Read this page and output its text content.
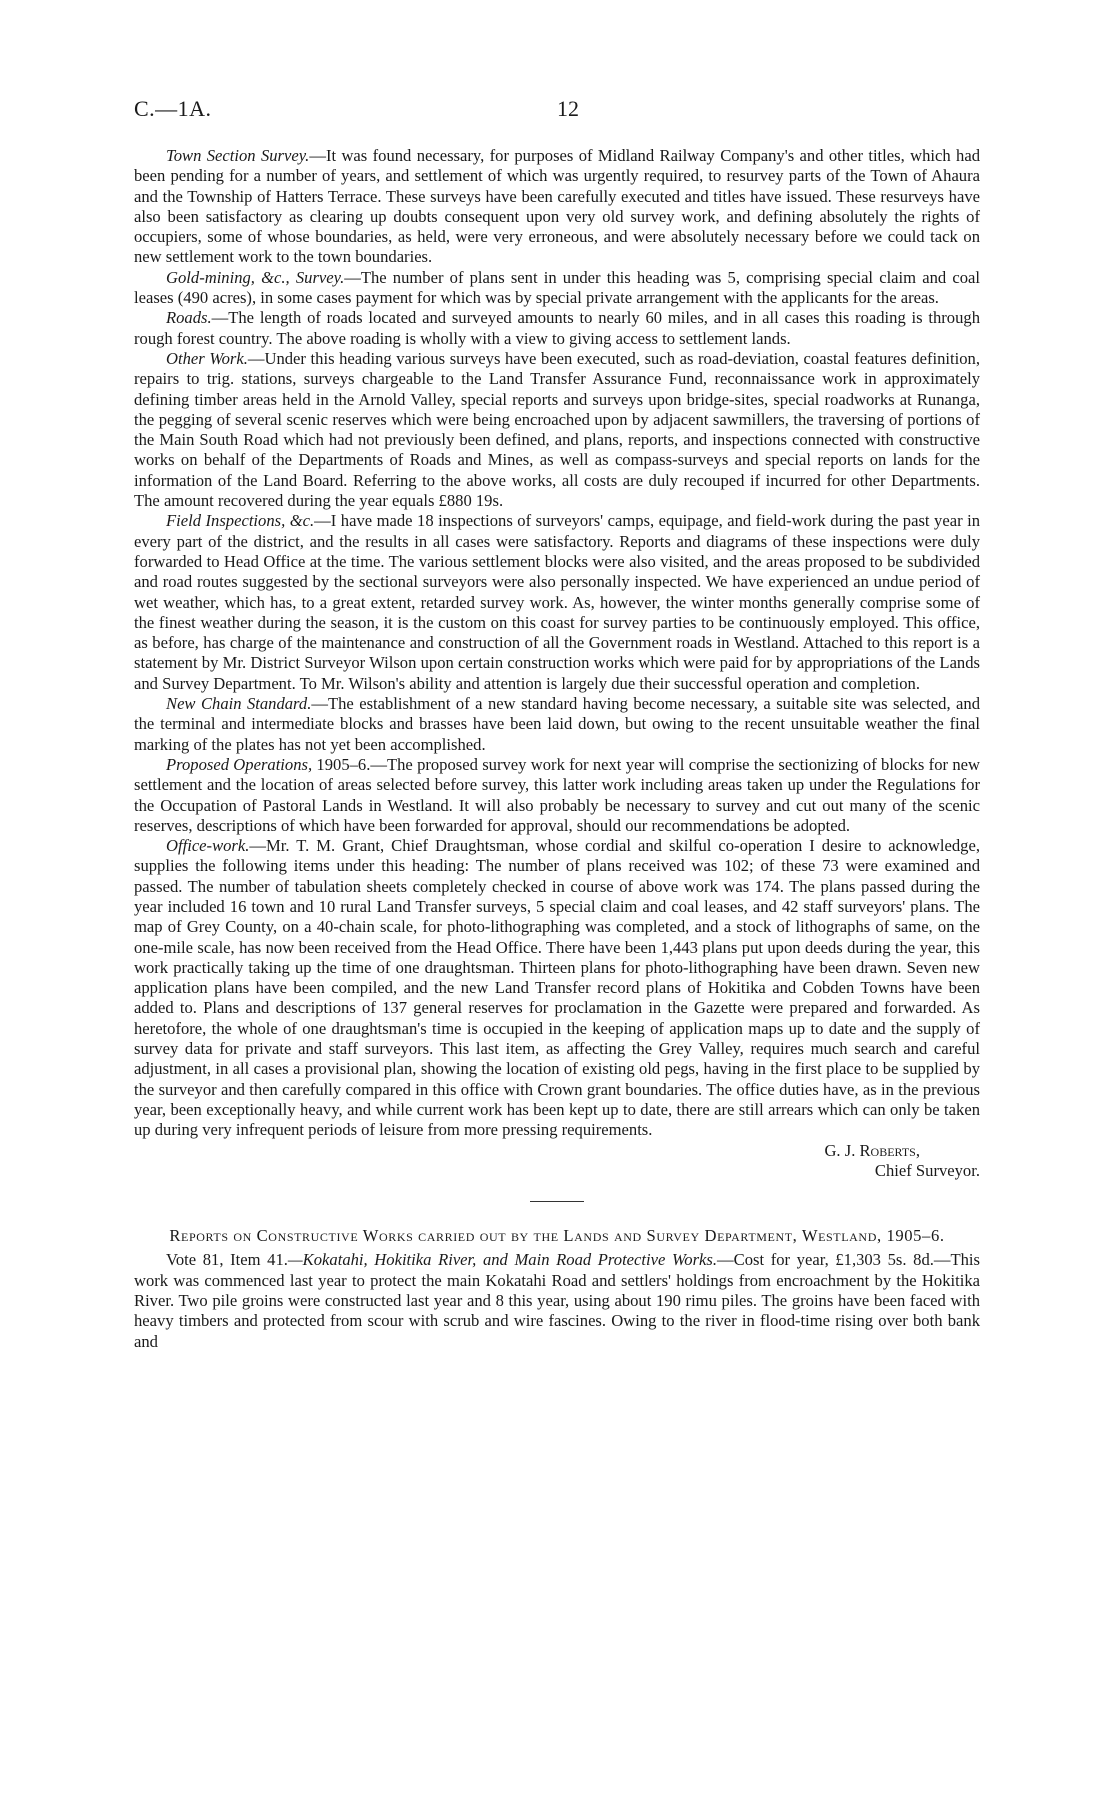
C.—1A.	12

Town Section Survey.—It was found necessary, for purposes of Midland Railway Company's and other titles, which had been pending for a number of years, and settlement of which was urgently required, to resurvey parts of the Town of Ahaura and the Township of Hatters Terrace. These surveys have been carefully executed and titles have issued. These resurveys have also been satisfactory as clearing up doubts consequent upon very old survey work, and defining absolutely the rights of occupiers, some of whose boundaries, as held, were very erroneous, and were absolutely necessary before we could tack on new settlement work to the town boundaries.

Gold-mining, &c., Survey.—The number of plans sent in under this heading was 5, comprising special claim and coal leases (490 acres), in some cases payment for which was by special private arrangement with the applicants for the areas.

Roads.—The length of roads located and surveyed amounts to nearly 60 miles, and in all cases this roading is through rough forest country. The above roading is wholly with a view to giving access to settlement lands.

Other Work.—Under this heading various surveys have been executed, such as road-deviation, coastal features definition, repairs to trig. stations, surveys chargeable to the Land Transfer Assurance Fund, reconnaissance work in approximately defining timber areas held in the Arnold Valley, special reports and surveys upon bridge-sites, special roadworks at Runanga, the pegging of several scenic reserves which were being encroached upon by adjacent sawmillers, the traversing of portions of the Main South Road which had not previously been defined, and plans, reports, and inspections connected with constructive works on behalf of the Departments of Roads and Mines, as well as compass-surveys and special reports on lands for the information of the Land Board. Referring to the above works, all costs are duly recouped if incurred for other Departments. The amount recovered during the year equals £880 19s.

Field Inspections, &c.—I have made 18 inspections of surveyors' camps, equipage, and field-work during the past year in every part of the district, and the results in all cases were satisfactory. Reports and diagrams of these inspections were duly forwarded to Head Office at the time. The various settlement blocks were also visited, and the areas proposed to be subdivided and road routes suggested by the sectional surveyors were also personally inspected. We have experienced an undue period of wet weather, which has, to a great extent, retarded survey work. As, however, the winter months generally comprise some of the finest weather during the season, it is the custom on this coast for survey parties to be continuously employed. This office, as before, has charge of the maintenance and construction of all the Government roads in Westland. Attached to this report is a statement by Mr. District Surveyor Wilson upon certain construction works which were paid for by appropriations of the Lands and Survey Department. To Mr. Wilson's ability and attention is largely due their successful operation and completion.

New Chain Standard.—The establishment of a new standard having become necessary, a suitable site was selected, and the terminal and intermediate blocks and brasses have been laid down, but owing to the recent unsuitable weather the final marking of the plates has not yet been accomplished.

Proposed Operations, 1905–6.—The proposed survey work for next year will comprise the sectionizing of blocks for new settlement and the location of areas selected before survey, this latter work including areas taken up under the Regulations for the Occupation of Pastoral Lands in Westland. It will also probably be necessary to survey and cut out many of the scenic reserves, descriptions of which have been forwarded for approval, should our recommendations be adopted.

Office-work.—Mr. T. M. Grant, Chief Draughtsman, whose cordial and skilful co-operation I desire to acknowledge, supplies the following items under this heading: The number of plans received was 102; of these 73 were examined and passed. The number of tabulation sheets completely checked in course of above work was 174. The plans passed during the year included 16 town and 10 rural Land Transfer surveys, 5 special claim and coal leases, and 42 staff surveyors' plans. The map of Grey County, on a 40-chain scale, for photo-lithographing was completed, and a stock of lithographs of same, on the one-mile scale, has now been received from the Head Office. There have been 1,443 plans put upon deeds during the year, this work practically taking up the time of one draughtsman. Thirteen plans for photo-lithographing have been drawn. Seven new application plans have been compiled, and the new Land Transfer record plans of Hokitika and Cobden Towns have been added to. Plans and descriptions of 137 general reserves for proclamation in the Gazette were prepared and forwarded. As heretofore, the whole of one draughtsman's time is occupied in the keeping of application maps up to date and the supply of survey data for private and staff surveyors. This last item, as affecting the Grey Valley, requires much search and careful adjustment, in all cases a provisional plan, showing the location of existing old pegs, having in the first place to be supplied by the surveyor and then carefully compared in this office with Crown grant boundaries. The office duties have, as in the previous year, been exceptionally heavy, and while current work has been kept up to date, there are still arrears which can only be taken up during very infrequent periods of leisure from more pressing requirements.

G. J. Roberts,
Chief Surveyor.
Reports on Constructive Works carried out by the Lands and Survey Department, Westland, 1905–6.

Vote 81, Item 41.—Kokatahi, Hokitika River, and Main Road Protective Works.—Cost for year, £1,303 5s. 8d.—This work was commenced last year to protect the main Kokatahi Road and settlers' holdings from encroachment by the Hokitika River. Two pile groins were constructed last year and 8 this year, using about 190 rimu piles. The groins have been faced with heavy timbers and protected from scour with scrub and wire fascines. Owing to the river in flood-time rising over both bank and
